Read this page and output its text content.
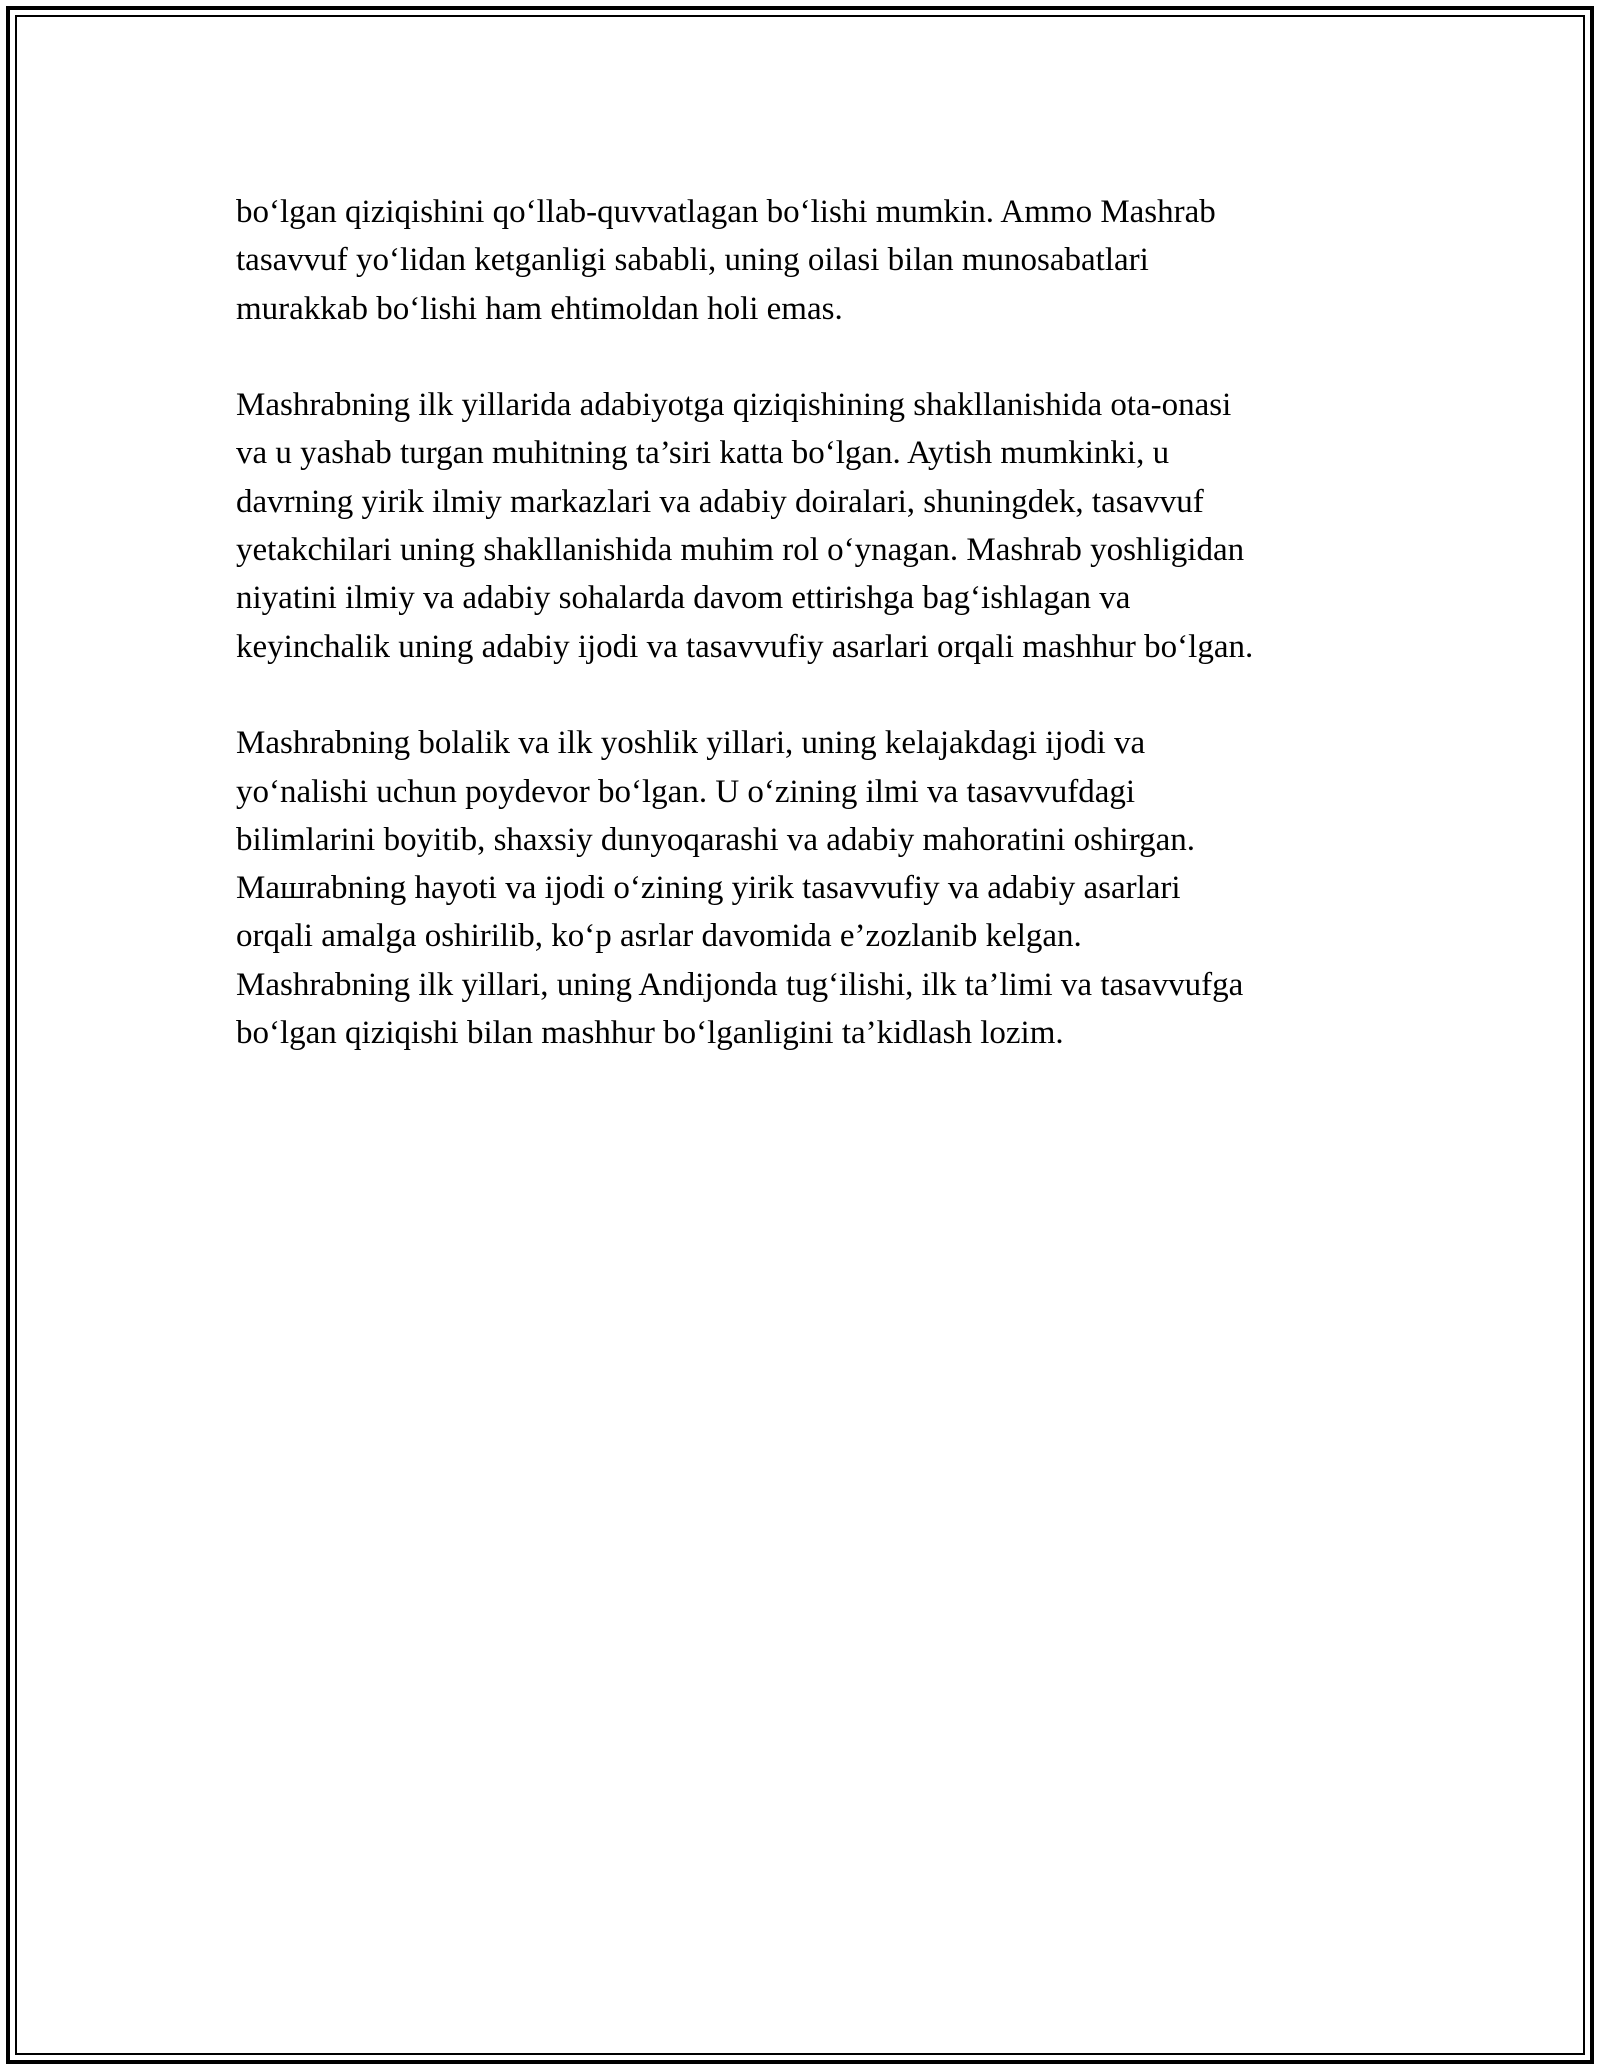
bo‘lgan qiziqishini qo‘llab-quvvatlagan bo‘lishi mumkin. Ammo Mashrab
tasavvuf yo‘lidan ketganligi sababli, uning oilasi bilan munosabatlari
murakkab bo‘lishi ham ehtimoldan holi emas.

Mashrabning ilk yillarida adabiyotga qiziqishining shakllanishida ota-onasi
va u yashab turgan muhitning ta’siri katta bo‘lgan. Aytish mumkinki, u
davrning yirik ilmiy markazlari va adabiy doiralari, shuningdek, tasavvuf
yetakchilari uning shakllanishida muhim rol o‘ynagan. Mashrab yoshligidan
niyatini ilmiy va adabiy sohalarda davom ettirishga bag‘ishlagan va
keyinchalik uning adabiy ijodi va tasavvufiy asarlari orqali mashhur bo‘lgan.

Mashrabning bolalik va ilk yoshlik yillari, uning kelajakdagi ijodi va
yo‘nalishi uchun poydevor bo‘lgan. U o‘zining ilmi va tasavvufdagi
bilimlarini boyitib, shaxsiy dunyoqarashi va adabiy mahoratini oshirgan.
Машrabning hayoti va ijodi o‘zining yirik tasavvufiy va adabiy asarlari
orqali amalga oshirilib, ko‘p asrlar davomida e’zozlanib kelgan.
Mashrabning ilk yillari, uning Andijonda tug‘ilishi, ilk ta’limi va tasavvufga
bo‘lgan qiziqishi bilan mashhur bo‘lganligini ta’kidlash lozim.
